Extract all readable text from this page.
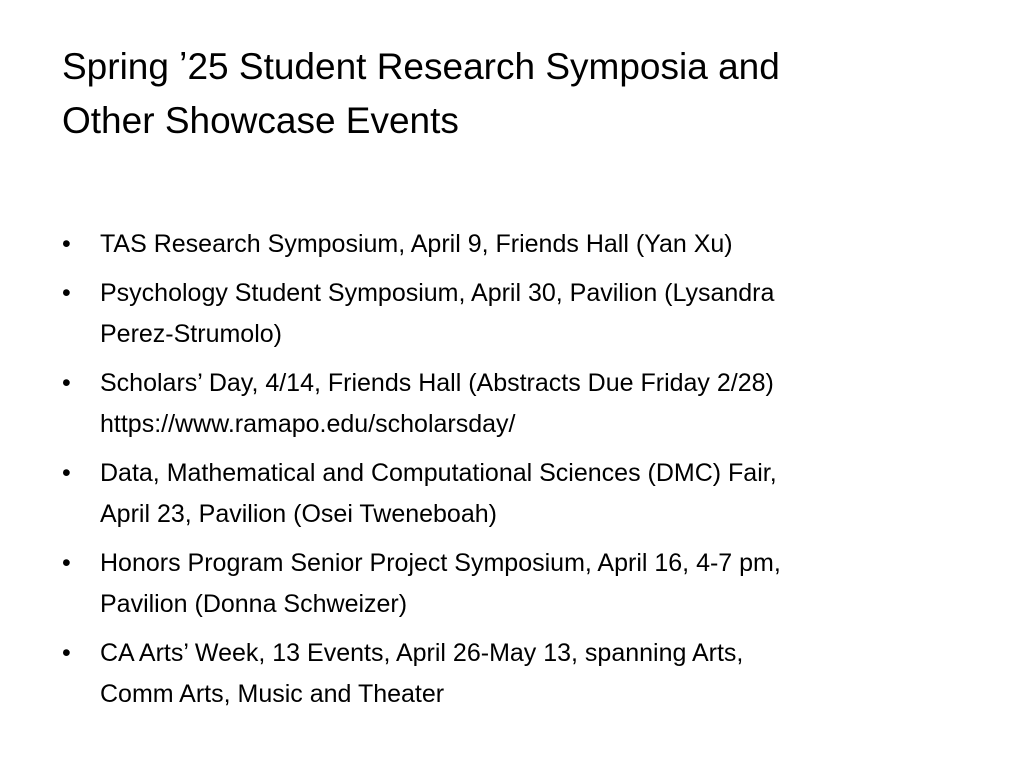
Spring ʼ25 Student Research Symposia and
Other Showcase Events
•	TAS Research Symposium, April 9, Friends Hall (Yan Xu)
•	Psychology Student Symposium, April 30, Pavilion (Lysandra
Perez-Strumolo)
•	Scholars’ Day, 4/14, Friends Hall (Abstracts Due Friday 2/28)
https://www.ramapo.edu/scholarsday/
•	Data, Mathematical and Computational Sciences (DMC) Fair,
April 23, Pavilion (Osei Tweneboah)
•	Honors Program Senior Project Symposium, April 16, 4-7 pm,
Pavilion (Donna Schweizer)
•	CA Arts’ Week, 13 Events, April 26-May 13, spanning Arts,
Comm Arts, Music and Theater
